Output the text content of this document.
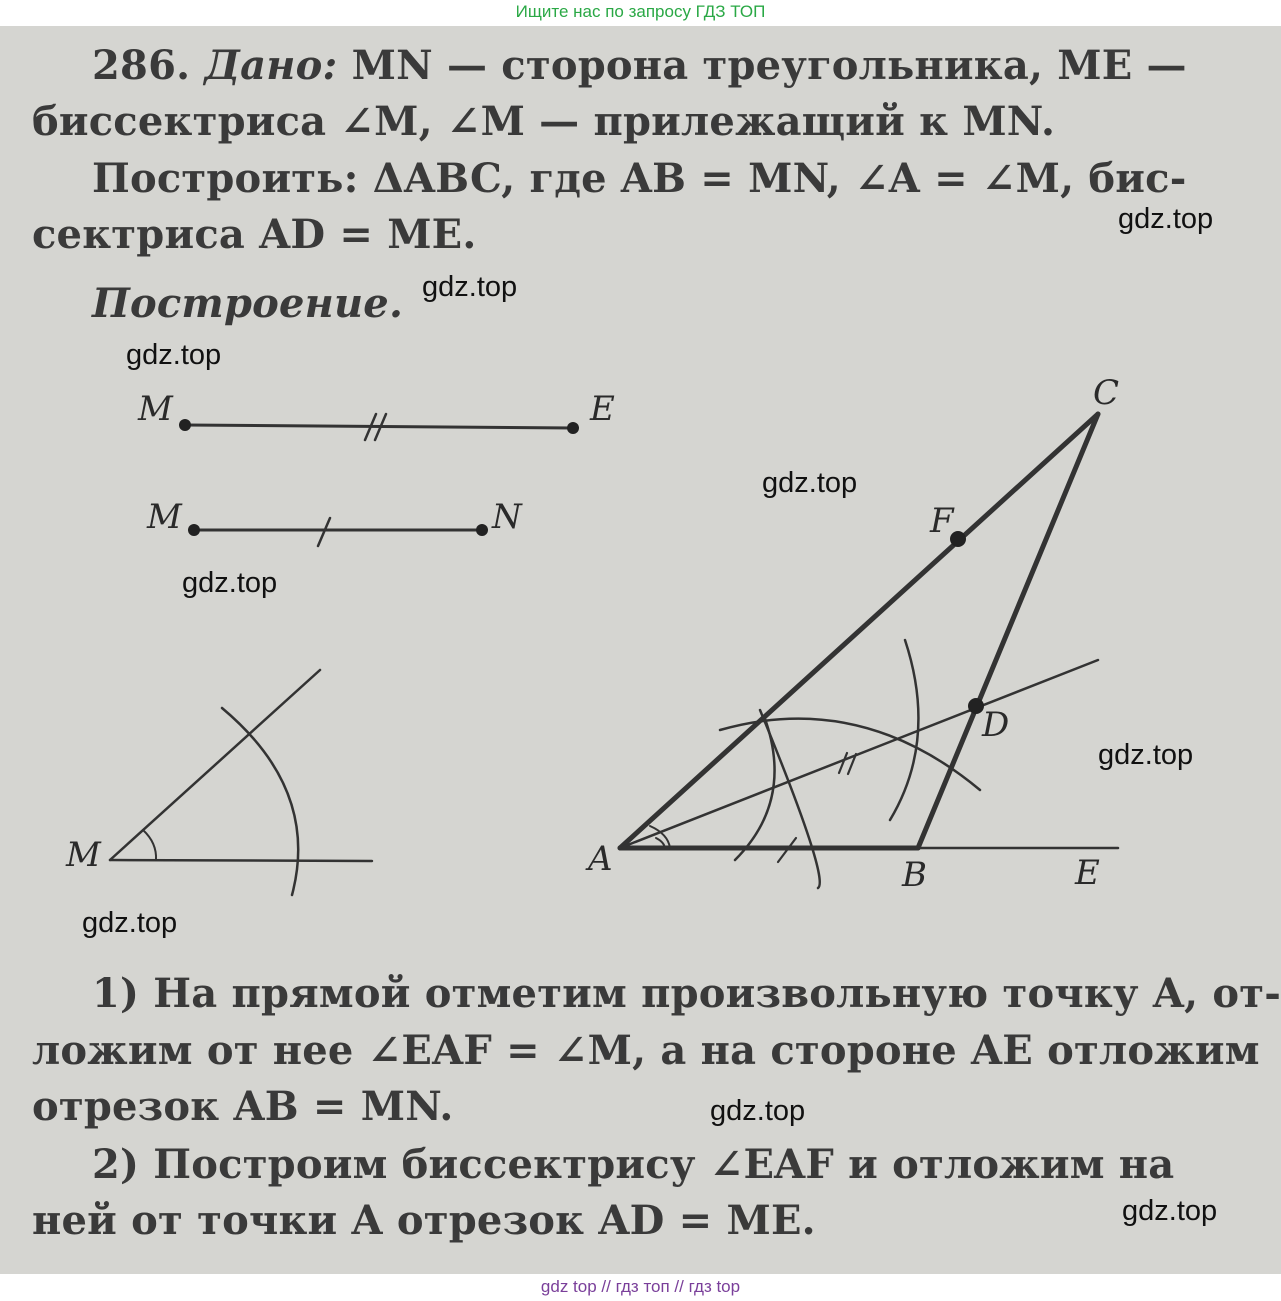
Ищите нас по запросу ГДЗ ТОП
286. Дано: MN — сторона треугольника, ME —
биссектриса ∠M, ∠M — прилежащий к MN.
Построить: ΔABC, где AB = MN, ∠A = ∠M, бис-
сектриса AD = ME.
Построение.
1) На прямой отметим произвольную точку A, от-
ложим от нее ∠EAF = ∠M, а на стороне AE отложим
отрезок AB = MN.
2) Построим биссектрису ∠EAF и отложим на
ней от точки A отрезок AD = ME.
M	E
M	N
M	A	B
C
D
E
F
gdz.top
gdz.top
gdz.top
gdz.top
gdz.top
gdz.top
gdz.top
gdz.top
gdz.top
gdz top // гдз топ // гдз top
